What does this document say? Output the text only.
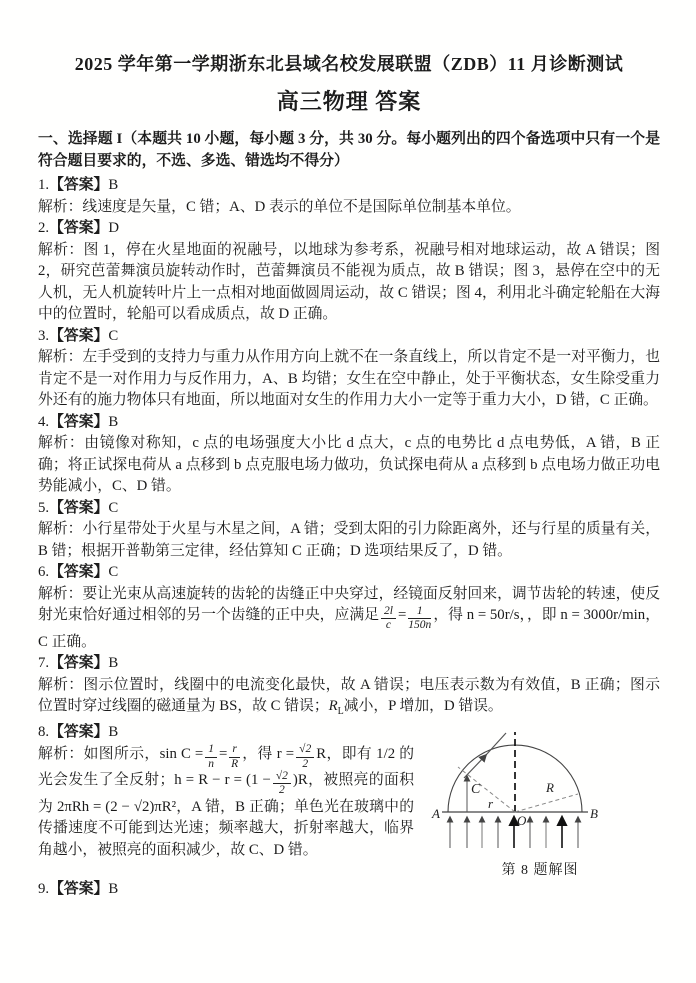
2025 学年第一学期浙东北县域名校发展联盟（ZDB）11 月诊断测试
高三物理 答案

一、选择题 I（本题共 10 小题，每小题 3 分，共 30 分。每小题列出的四个备选项中只有一个是符合题目要求的，不选、多选、错选均不得分）

1.【答案】B

解析：线速度是矢量，C 错；A、D 表示的单位不是国际单位制基本单位。

2.【答案】D

解析：图 1，停在火星地面的祝融号，以地球为参考系，祝融号相对地球运动，故 A 错误；图 2，研究芭蕾舞演员旋转动作时，芭蕾舞演员不能视为质点，故 B 错误；图 3，悬停在空中的无人机，无人机旋转叶片上一点相对地面做圆周运动，故 C 错误；图 4，利用北斗确定轮船在大海中的位置时，轮船可以看成质点，故 D 正确。

3.【答案】C

解析：左手受到的支持力与重力从作用方向上就不在一条直线上，所以肯定不是一对平衡力，也肯定不是一对作用力与反作用力，A、B 均错；女生在空中静止，处于平衡状态，女生除受重力外还有的施力物体只有地面，所以地面对女生的作用力大小一定等于重力大小，D 错，C 正确。

4.【答案】B

解析：由镜像对称知，c 点的电场强度大小比 d 点大，c 点的电势比 d 点电势低，A 错，B 正确；将正试探电荷从 a 点移到 b 点克服电场力做功，负试探电荷从 a 点移到 b 点电场力做正功电势能减小，C、D 错。

5.【答案】C

解析：小行星带处于火星与木星之间，A 错；受到太阳的引力除距离外，还与行星的质量有关，B 错；根据开普勒第三定律，经估算知 C 正确；D 选项结果反了，D 错。

6.【答案】C

解析：要让光束从高速旋转的齿轮的齿缝正中央穿过，经镜面反射回来，调节齿轮的转速，使反射光束恰好通过相邻的另一个齿缝的正中央，应满足 $\frac{2l}{c} = \frac{1}{150n}$ ，得 n = 50r/s，，即 n = 3000r/min，C 正确。

7.【答案】B

解析：图示位置时，线圈中的电流变化最快，故 A 错误；电压表示数为有效值，B 正确；图示位置时穿过线圈的磁通量为 BS，故 C 错误；$R_L$减小，P 增加，D 错误。

A	B
O
C
r
R
第 8 题解图

8.【答案】B

解析：如图所示，$\sin C = \frac{1}{n} = \frac{r}{R}$ ，得 $r = \frac{√2}{2}$ R，即有 1/2 的光会发生了全反射；$h = R - r = (1 - \frac{√2}{2} )R$，被照亮的面积为 2πRh = (2 − √2)πR²，A 错，B 正确；单色光在玻璃中的传播速度不可能到达光速；频率越大，折射率越大，临界角越小，被照亮的面积减少，故 C、D 错。

9.【答案】B
